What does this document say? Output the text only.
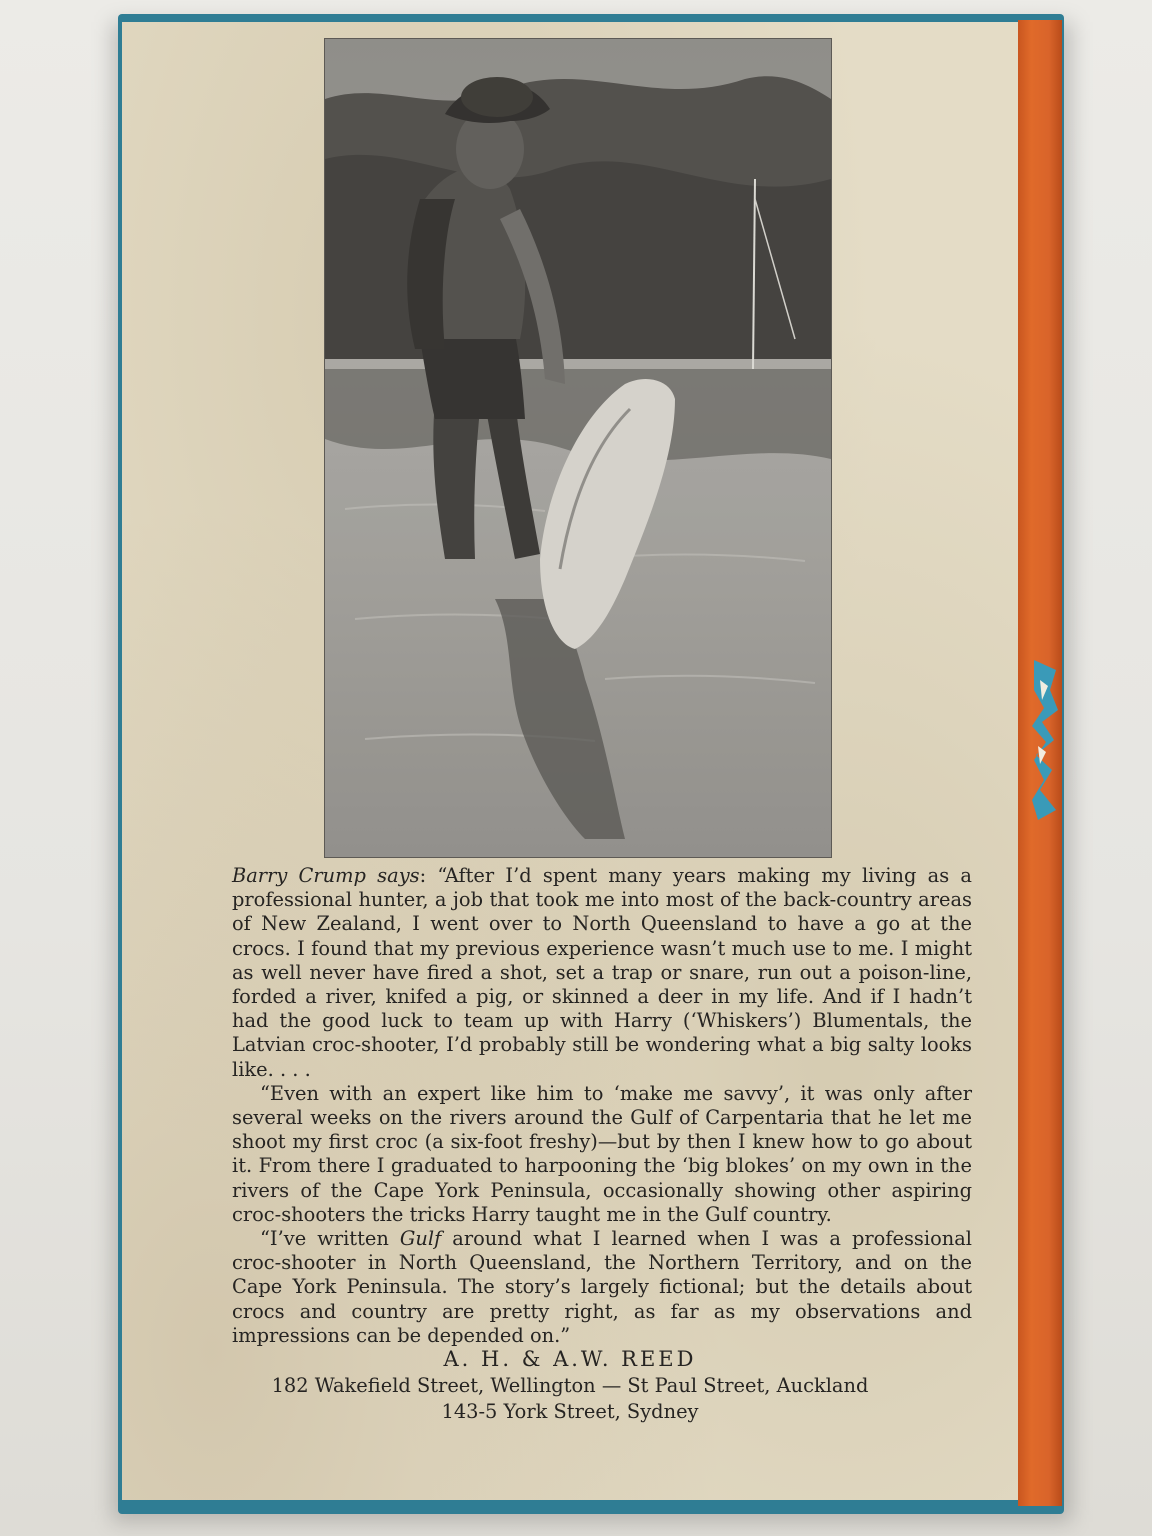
Barry Crump says: “After I’d spent many years making my living as a professional hunter, a job that took me into most of the back-country areas of New Zealand, I went over to North Queensland to have a go at the crocs. I found that my previous experience wasn’t much use to me. I might as well never have fired a shot, set a trap or snare, run out a poison-line, forded a river, knifed a pig, or skinned a deer in my life. And if I hadn’t had the good luck to team up with Harry (‘Whiskers’) Blumentals, the Latvian croc-shooter, I’d probably still be wondering what a big salty looks like. . . .

“Even with an expert like him to ‘make me savvy’, it was only after several weeks on the rivers around the Gulf of Carpentaria that he let me shoot my first croc (a six-foot freshy)—but by then I knew how to go about it. From there I graduated to harpooning the ‘big blokes’ on my own in the rivers of the Cape York Peninsula, occasionally showing other aspiring croc-shooters the tricks Harry taught me in the Gulf country.

“I’ve written Gulf around what I learned when I was a professional croc-shooter in North Queensland, the Northern Territory, and on the Cape York Peninsula. The story’s largely fictional; but the details about crocs and country are pretty right, as far as my observations and impressions can be depended on.”

A. H. & A.W. REED
182 Wakefield Street, Wellington — St Paul Street, Auckland
143-5 York Street, Sydney
